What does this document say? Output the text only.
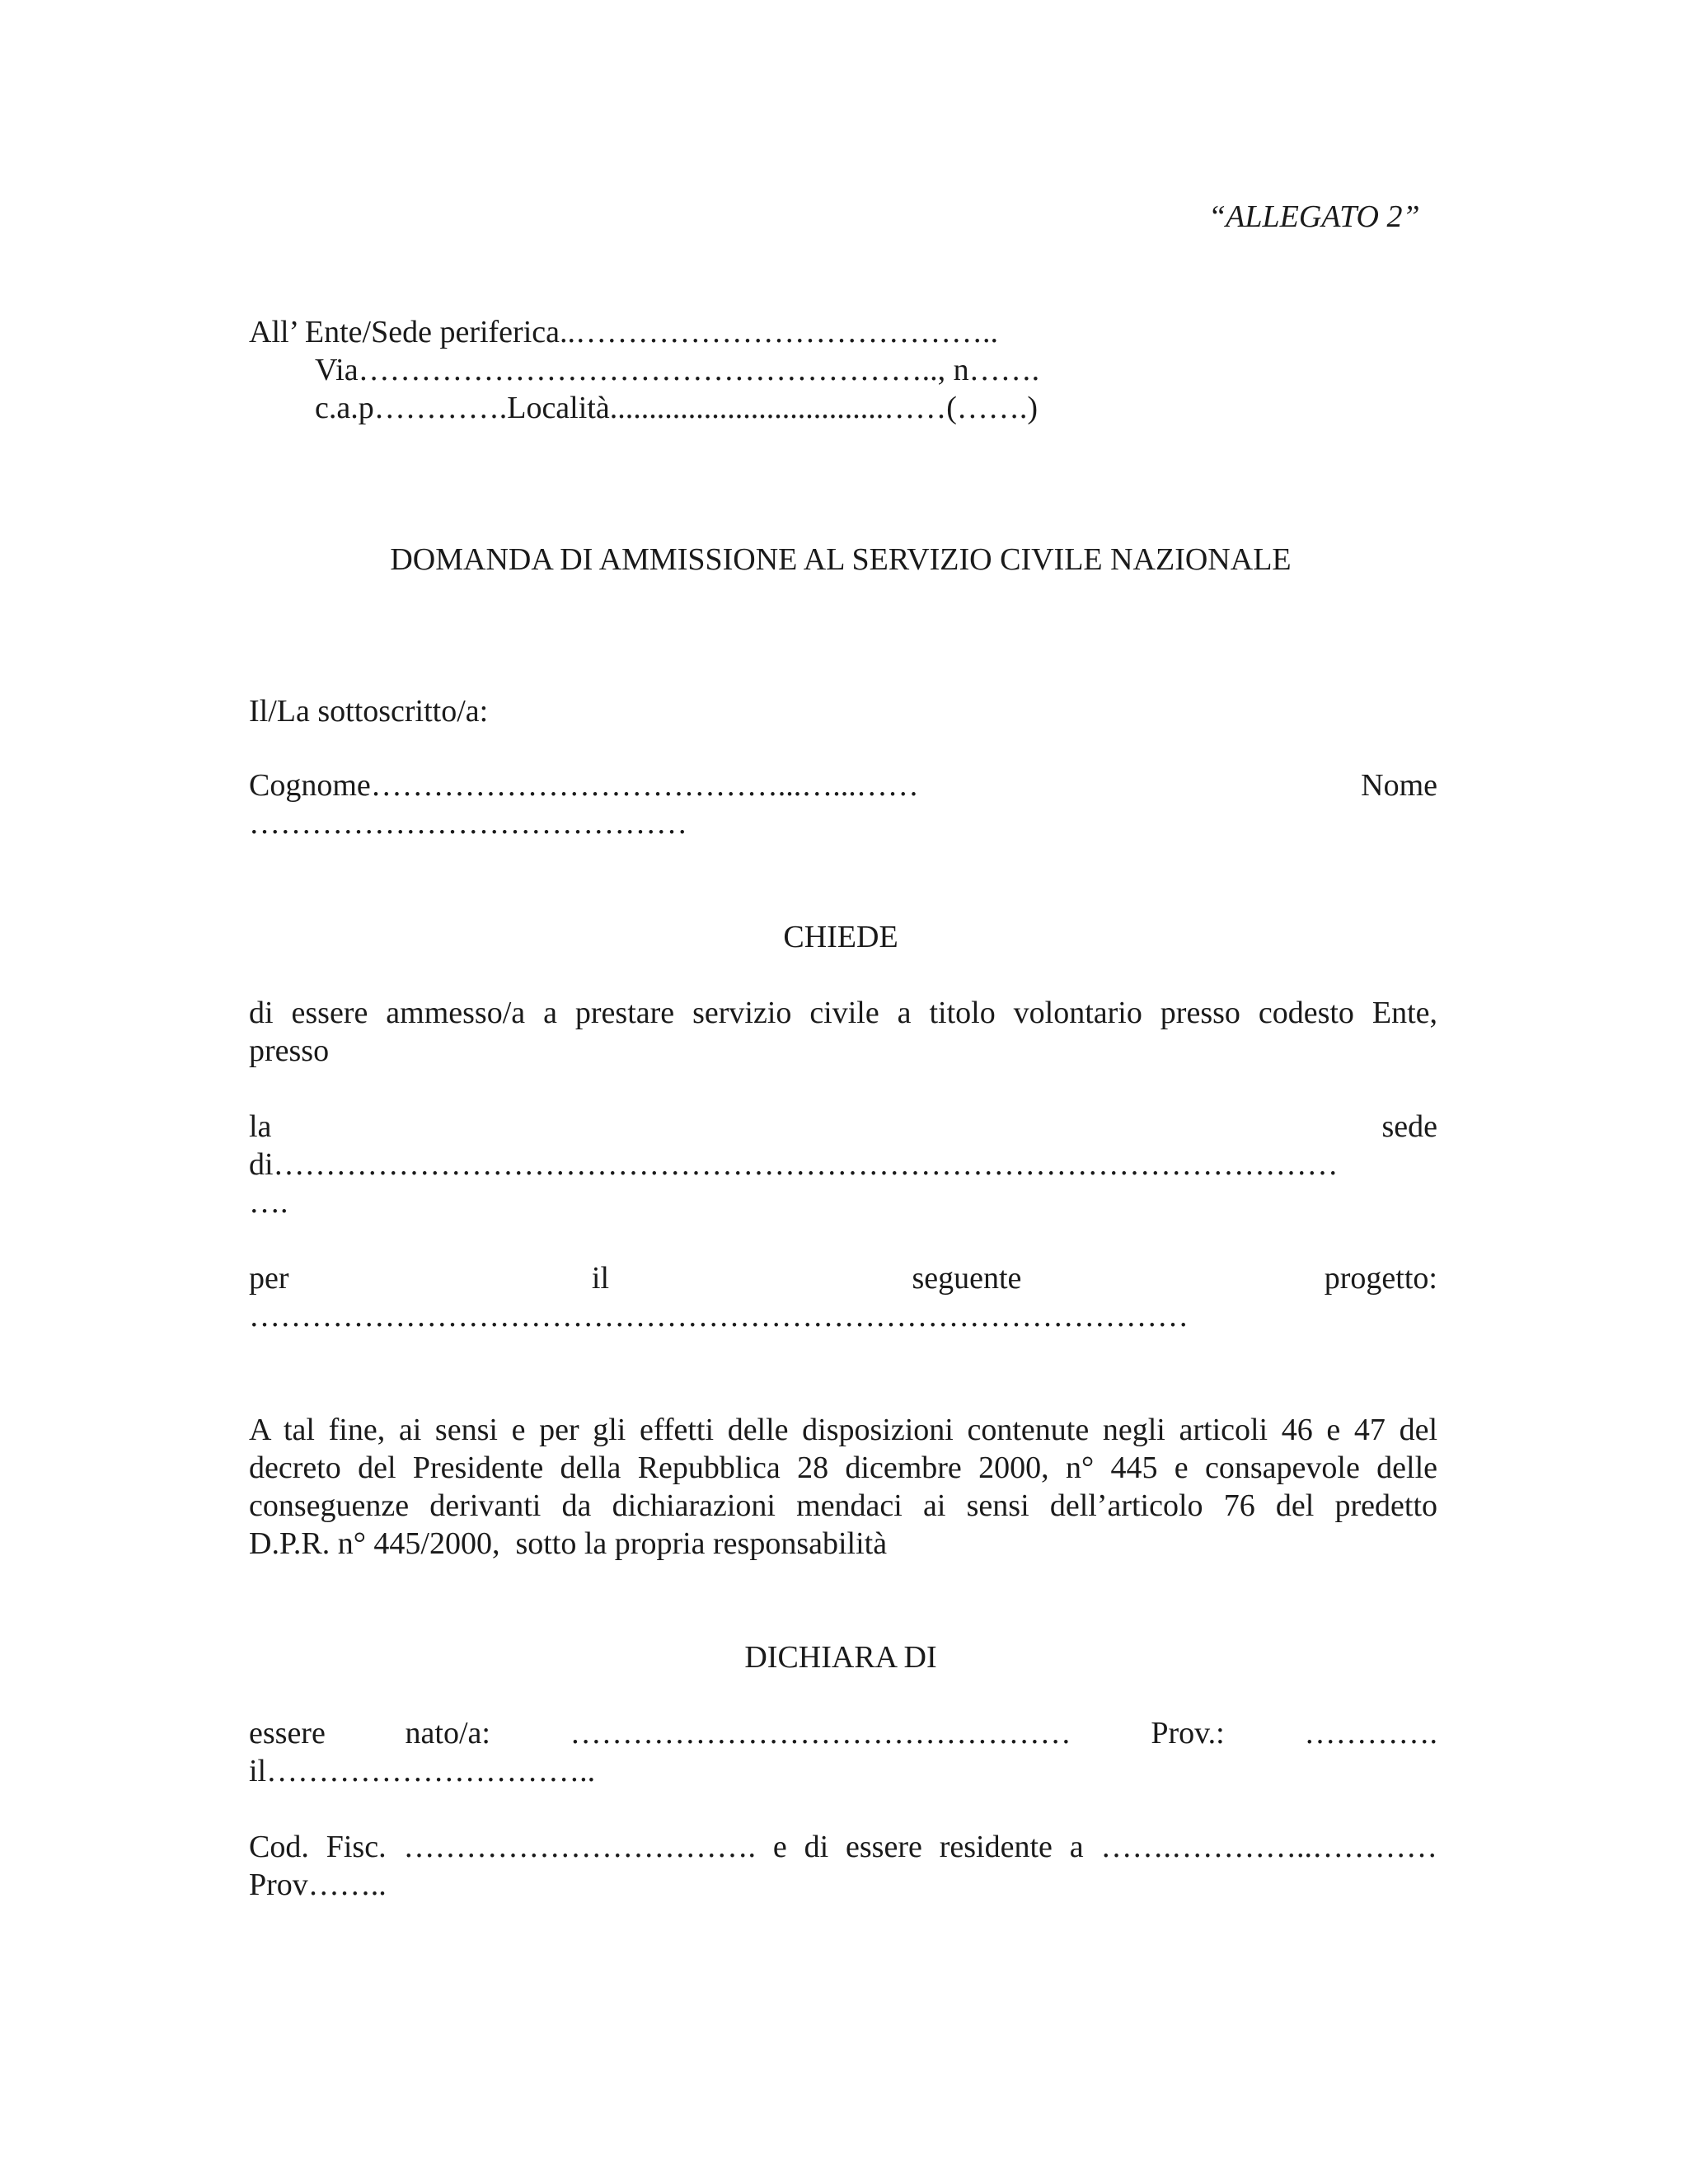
“ALLEGATO 2”

All’ Ente/Sede periferica..…………………………………..

Via……………………………………………….., n…….

c.a.p………….Località...................................……(…….)

DOMANDA DI AMMISSIONE AL SERVIZIO CIVILE NAZIONALE

Il/La sottoscritto/a:

Cognome…………………………………...…...……	Nome

……………………………………

CHIEDE

di essere ammesso/a a prestare servizio civile a titolo volontario presso codesto Ente,

presso

la	sede

di…………………………………………………………………………………………

….

per	il	seguente	progetto:

………………………………………………………………………………

A tal fine, ai sensi e per gli effetti delle disposizioni contenute negli articoli 46 e 47 del

decreto del Presidente della Repubblica 28 dicembre 2000, n° 445 e consapevole delle

conseguenze derivanti da dichiarazioni mendaci ai sensi dell’articolo 76 del predetto

D.P.R. n° 445/2000,  sotto la propria responsabilità

DICHIARA DI

essere	nato/a:	…………………………………………	Prov.:	………….

il…………………………..

Cod. Fisc. ……………………………. e di essere residente a …….…………..…………

Prov……..
